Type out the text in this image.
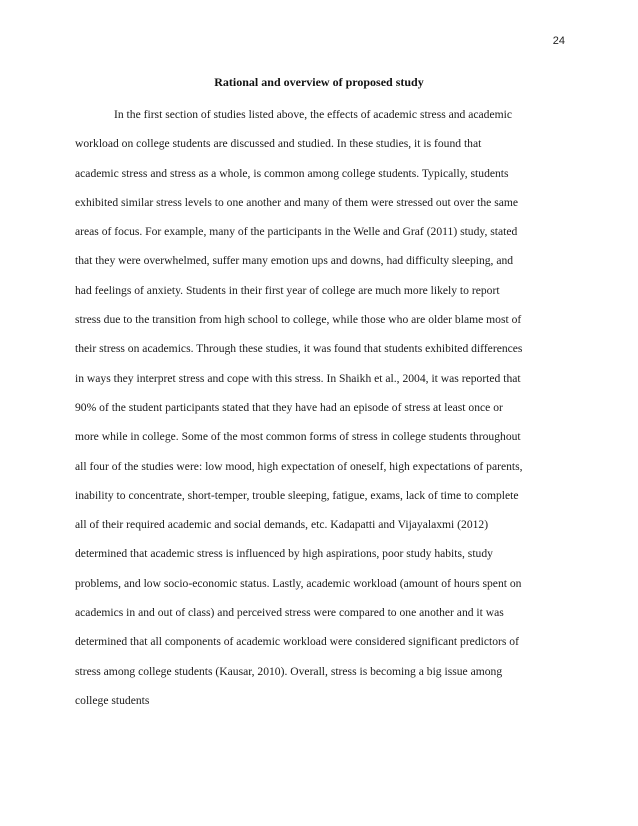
24
Rational and overview of proposed study
In the first section of studies listed above, the effects of academic stress and academic
workload on college students are discussed and studied. In these studies, it is found that
academic stress and stress as a whole, is common among college students. Typically, students
exhibited similar stress levels to one another and many of them were stressed out over the same
areas of focus. For example, many of the participants in the Welle and Graf (2011) study, stated
that they were overwhelmed, suffer many emotion ups and downs, had difficulty sleeping, and
had feelings of anxiety. Students in their first year of college are much more likely to report
stress due to the transition from high school to college, while those who are older blame most of
their stress on academics. Through these studies, it was found that students exhibited differences
in ways they interpret stress and cope with this stress. In Shaikh et al., 2004, it was reported that
90% of the student participants stated that they have had an episode of stress at least once or
more while in college. Some of the most common forms of stress in college students throughout
all four of the studies were: low mood, high expectation of oneself, high expectations of parents,
inability to concentrate, short-temper, trouble sleeping, fatigue, exams, lack of time to complete
all of their required academic and social demands, etc. Kadapatti and Vijayalaxmi (2012)
determined that academic stress is influenced by high aspirations, poor study habits, study
problems, and low socio-economic status. Lastly, academic workload (amount of hours spent on
academics in and out of class) and perceived stress were compared to one another and it was
determined that all components of academic workload were considered significant predictors of
stress among college students (Kausar, 2010). Overall, stress is becoming a big issue among
college students
